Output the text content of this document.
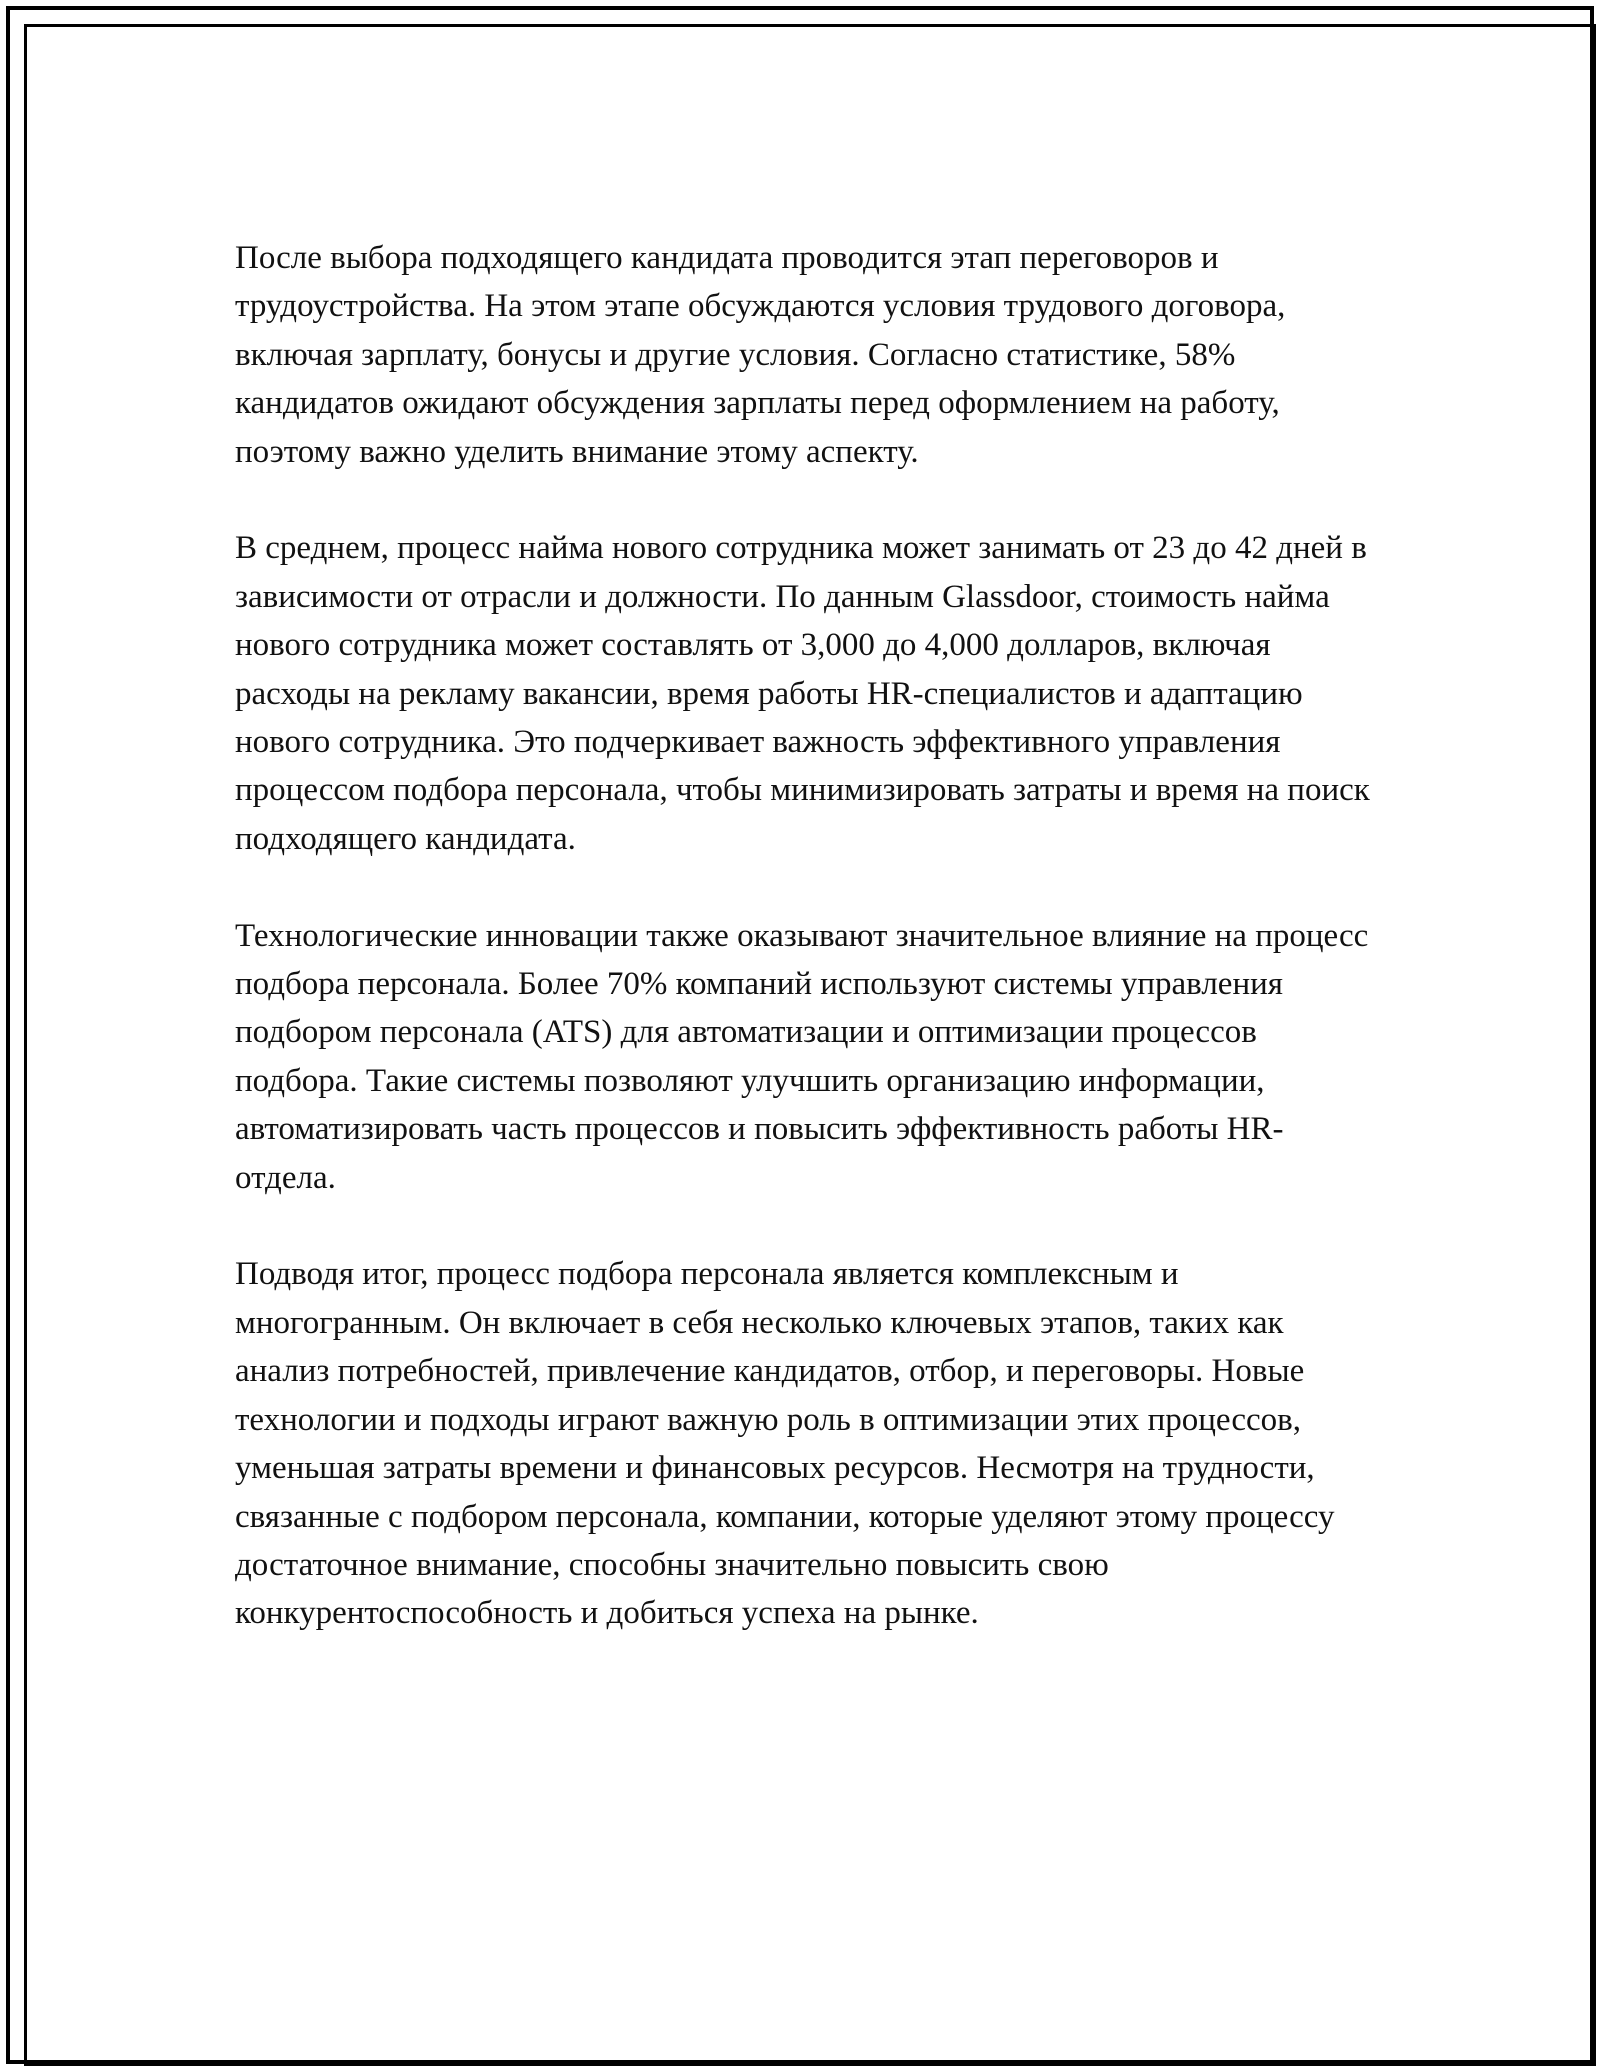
После выбора подходящего кандидата проводится этап переговоров и трудоустройства. На этом этапе обсуждаются условия трудового договора, включая зарплату, бонусы и другие условия. Согласно статистике, 58% кандидатов ожидают обсуждения зарплаты перед оформлением на работу, поэтому важно уделить внимание этому аспекту.

В среднем, процесс найма нового сотрудника может занимать от 23 до 42 дней в зависимости от отрасли и должности. По данным Glassdoor, стоимость найма нового сотрудника может составлять от 3,000 до 4,000 долларов, включая расходы на рекламу вакансии, время работы HR-специалистов и адаптацию нового сотрудника. Это подчеркивает важность эффективного управления процессом подбора персонала, чтобы минимизировать затраты и время на поиск подходящего кандидата.

Технологические инновации также оказывают значительное влияние на процесс подбора персонала. Более 70% компаний используют системы управления подбором персонала (ATS) для автоматизации и оптимизации процессов подбора. Такие системы позволяют улучшить организацию информации, автоматизировать часть процессов и повысить эффективность работы HR-отдела.

Подводя итог, процесс подбора персонала является комплексным и многогранным. Он включает в себя несколько ключевых этапов, таких как анализ потребностей, привлечение кандидатов, отбор, и переговоры. Новые технологии и подходы играют важную роль в оптимизации этих процессов, уменьшая затраты времени и финансовых ресурсов. Несмотря на трудности, связанные с подбором персонала, компании, которые уделяют этому процессу достаточное внимание, способны значительно повысить свою конкурентоспособность и добиться успеха на рынке.
